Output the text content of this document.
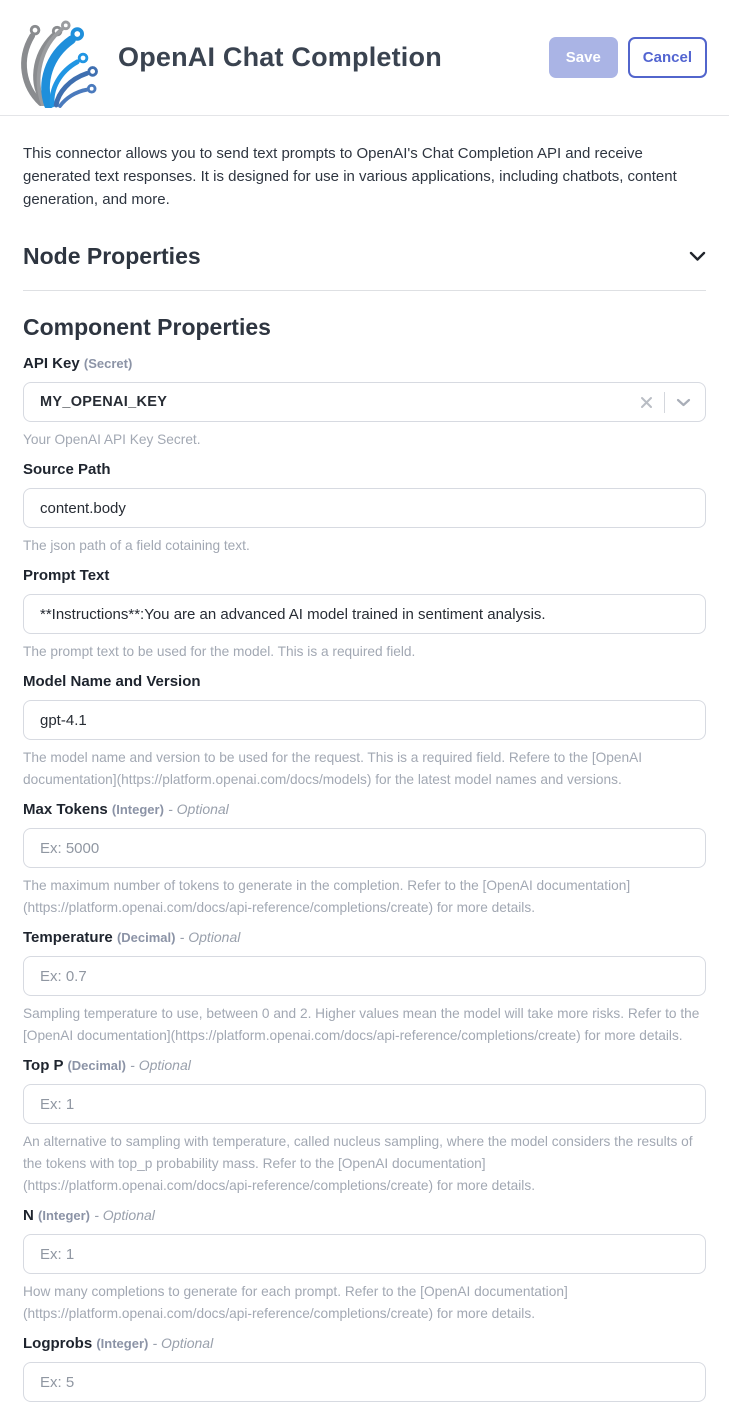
OpenAI Chat Completion	Save	Cancel

This connector allows you to send text prompts to OpenAI's Chat Completion API and receive generated text responses. It is designed for use in various applications, including chatbots, content generation, and more.

Node Properties
Component Properties
API Key (Secret)
MY_OPENAI_KEY
Your OpenAI API Key Secret.
Source Path
content.body
The json path of a field cotaining text.
Prompt Text
**Instructions**:You are an advanced AI model trained in sentiment analysis.
The prompt text to be used for the model. This is a required field.
Model Name and Version
gpt-4.1
The model name and version to be used for the request. This is a required field. Refere to the [OpenAI documentation](https://platform.openai.com/docs/models) for the latest model names and versions.
Max Tokens (Integer) - Optional
Ex: 5000
The maximum number of tokens to generate in the completion. Refer to the [OpenAI documentation](https://platform.openai.com/docs/api-reference/completions/create) for more details.
Temperature (Decimal) - Optional
Ex: 0.7
Sampling temperature to use, between 0 and 2. Higher values mean the model will take more risks. Refer to the [OpenAI documentation](https://platform.openai.com/docs/api-reference/completions/create) for more details.
Top P (Decimal) - Optional
Ex: 1
An alternative to sampling with temperature, called nucleus sampling, where the model considers the results of the tokens with top_p probability mass. Refer to the [OpenAI documentation](https://platform.openai.com/docs/api-reference/completions/create) for more details.
N (Integer) - Optional
Ex: 1
How many completions to generate for each prompt. Refer to the [OpenAI documentation](https://platform.openai.com/docs/api-reference/completions/create) for more details.
Logprobs (Integer) - Optional
Ex: 5
